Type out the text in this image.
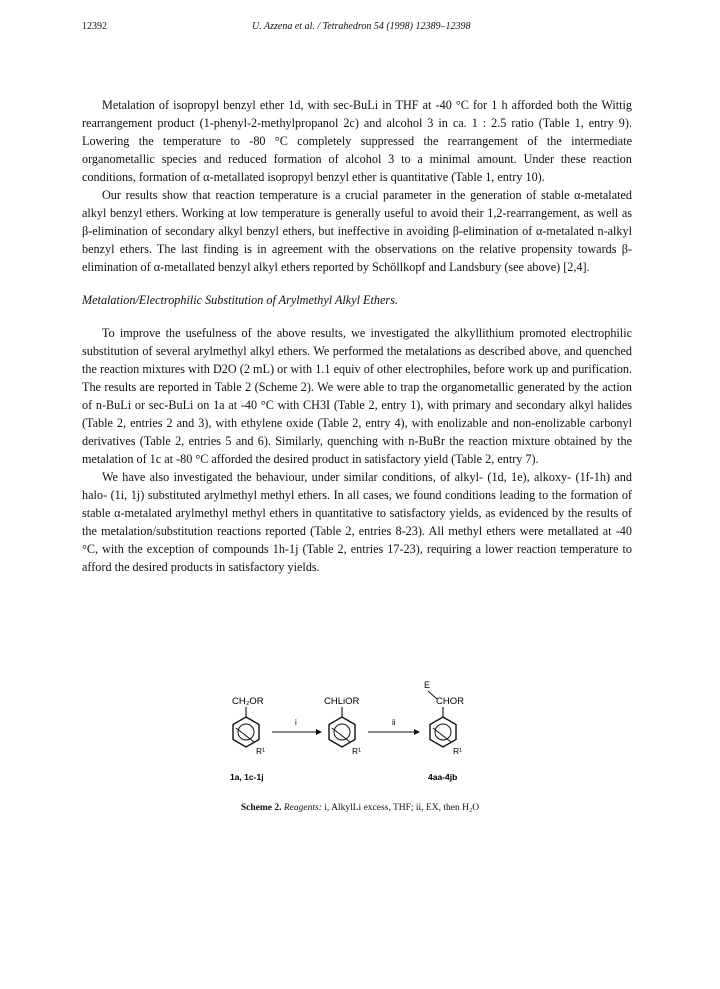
12392	U. Azzena et al. / Tetrahedron 54 (1998) 12389–12398

Metalation of isopropyl benzyl ether 1d, with sec-BuLi in THF at -40 °C for 1 h afforded both the Wittig rearrangement product (1-phenyl-2-methylpropanol 2c) and alcohol 3 in ca. 1 : 2.5 ratio (Table 1, entry 9). Lowering the temperature to -80 °C completely suppressed the rearrangement of the intermediate organometallic species and reduced formation of alcohol 3 to a minimal amount. Under these reaction conditions, formation of α-metallated isopropyl benzyl ether is quantitative (Table 1, entry 10).

Our results show that reaction temperature is a crucial parameter in the generation of stable α-metalated alkyl benzyl ethers. Working at low temperature is generally useful to avoid their 1,2-rearrangement, as well as β-elimination of secondary alkyl benzyl ethers, but ineffective in avoiding β-elimination of α-metalated n-alkyl benzyl ethers. The last finding is in agreement with the observations on the relative propensity towards β-elimination of α-metallated benzyl alkyl ethers reported by Schöllkopf and Landsbury (see above) [2,4].

Metalation/Electrophilic Substitution of Arylmethyl Alkyl Ethers.

To improve the usefulness of the above results, we investigated the alkyllithium promoted electrophilic substitution of several arylmethyl alkyl ethers. We performed the metalations as described above, and quenched the reaction mixtures with D2O (2 mL) or with 1.1 equiv of other electrophiles, before work up and purification. The results are reported in Table 2 (Scheme 2). We were able to trap the organometallic generated by the action of n-BuLi or sec-BuLi on 1a at -40 °C with CH3I (Table 2, entry 1), with primary and secondary alkyl halides (Table 2, entries 2 and 3), with ethylene oxide (Table 2, entry 4), with enolizable and non-enolizable carbonyl derivatives (Table 2, entries 5 and 6). Similarly, quenching with n-BuBr the reaction mixture obtained by the metalation of 1c at -80 °C afforded the desired product in satisfactory yield (Table 2, entry 7).

We have also investigated the behaviour, under similar conditions, of alkyl- (1d, 1e), alkoxy- (1f-1h) and halo- (1i, 1j) substituted arylmethyl methyl ethers. In all cases, we found conditions leading to the formation of stable α-metalated arylmethyl methyl ethers in quantitative to satisfactory yields, as evidenced by the results of the metalation/substitution reactions reported (Table 2, entries 8-23). All methyl ethers were metallated at -40 °C, with the exception of compounds 1h-1j (Table 2, entries 17-23), requiring a lower reaction temperature to afford the desired products in satisfactory yields.

CH₂OR
R¹
i
CHLiOR
R¹
ii
E
CHOR
R¹
1a, 1c-1j	4aa-4jb
Scheme 2. Reagents: i, AlkylLi excess, THF; ii, EX, then H₂O
